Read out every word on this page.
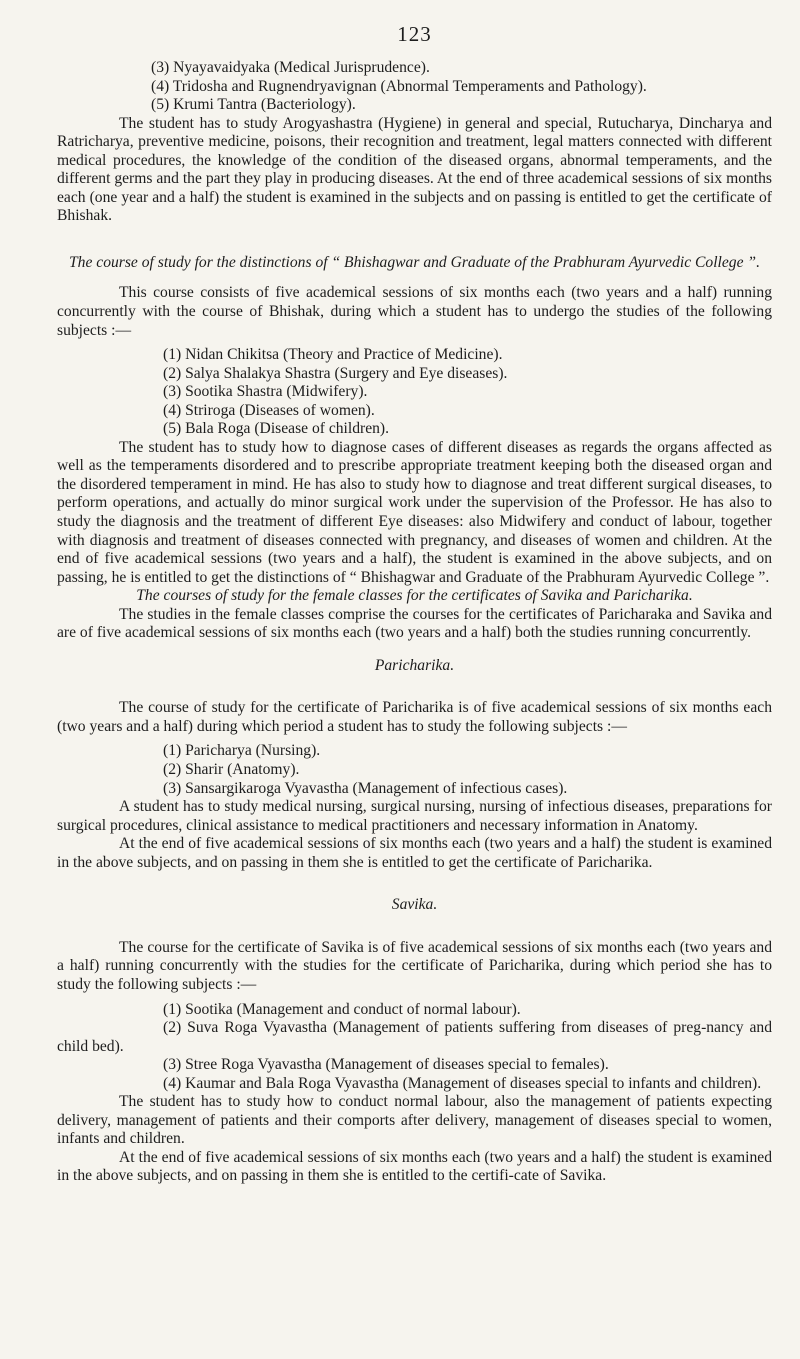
123

(3) Nyayavaidyaka (Medical Jurisprudence).

(4) Tridosha and Rugnendryavignan (Abnormal Temperaments and Pathology).

(5) Krumi Tantra (Bacteriology).

The student has to study Arogyashastra (Hygiene) in general and special, Rutucharya, Dincharya and Ratricharya, preventive medicine, poisons, their recognition and treatment, legal matters connected with different medical procedures, the knowledge of the condition of the diseased organs, abnormal temperaments, and the different germs and the part they play in producing diseases. At the end of three academical sessions of six months each (one year and a half) the student is examined in the subjects and on passing is entitled to get the certificate of Bhishak.

The course of study for the distinctions of “ Bhishagwar and Graduate of the Prabhuram Ayurvedic College ”.

This course consists of five academical sessions of six months each (two years and a half) running concurrently with the course of Bhishak, during which a student has to undergo the studies of the following subjects :—

(1) Nidan Chikitsa (Theory and Practice of Medicine).

(2) Salya Shalakya Shastra (Surgery and Eye diseases).

(3) Sootika Shastra (Midwifery).

(4) Striroga (Diseases of women).

(5) Bala Roga (Disease of children).

The student has to study how to diagnose cases of different diseases as regards the organs affected as well as the temperaments disordered and to prescribe appropriate treatment keeping both the diseased organ and the disordered temperament in mind. He has also to study how to diagnose and treat different surgical diseases, to perform operations, and actually do minor surgical work under the supervision of the Professor. He has also to study the diagnosis and the treatment of different Eye diseases: also Midwifery and conduct of labour, together with diagnosis and treatment of diseases connected with pregnancy, and diseases of women and children. At the end of five academical sessions (two years and a half), the student is examined in the above subjects, and on passing, he is entitled to get the distinctions of “ Bhishagwar and Graduate of the Prabhuram Ayurvedic College ”.

The courses of study for the female classes for the certificates of Savika and Paricharika.

The studies in the female classes comprise the courses for the certificates of Paricharaka and Savika and are of five academical sessions of six months each (two years and a half) both the studies running concurrently.

Paricharika.

The course of study for the certificate of Paricharika is of five academical sessions of six months each (two years and a half) during which period a student has to study the following subjects :—

(1) Paricharya (Nursing).

(2) Sharir (Anatomy).

(3) Sansargikaroga Vyavastha (Management of infectious cases).

A student has to study medical nursing, surgical nursing, nursing of infectious diseases, preparations for surgical procedures, clinical assistance to medical practitioners and necessary information in Anatomy.

At the end of five academical sessions of six months each (two years and a half) the student is examined in the above subjects, and on passing in them she is entitled to get the certificate of Paricharika.

Savika.

The course for the certificate of Savika is of five academical sessions of six months each (two years and a half) running concurrently with the studies for the certificate of Paricharika, during which period she has to study the following subjects :—

(1) Sootika (Management and conduct of normal labour).

(2) Suva Roga Vyavastha (Management of patients suffering from diseases of preg-nancy and child bed).

(3) Stree Roga Vyavastha (Management of diseases special to females).

(4) Kaumar and Bala Roga Vyavastha (Management of diseases special to infants and children).

The student has to study how to conduct normal labour, also the management of patients expecting delivery, management of patients and their comports after delivery, management of diseases special to women, infants and children.

At the end of five academical sessions of six months each (two years and a half) the student is examined in the above subjects, and on passing in them she is entitled to the certifi-cate of Savika.
